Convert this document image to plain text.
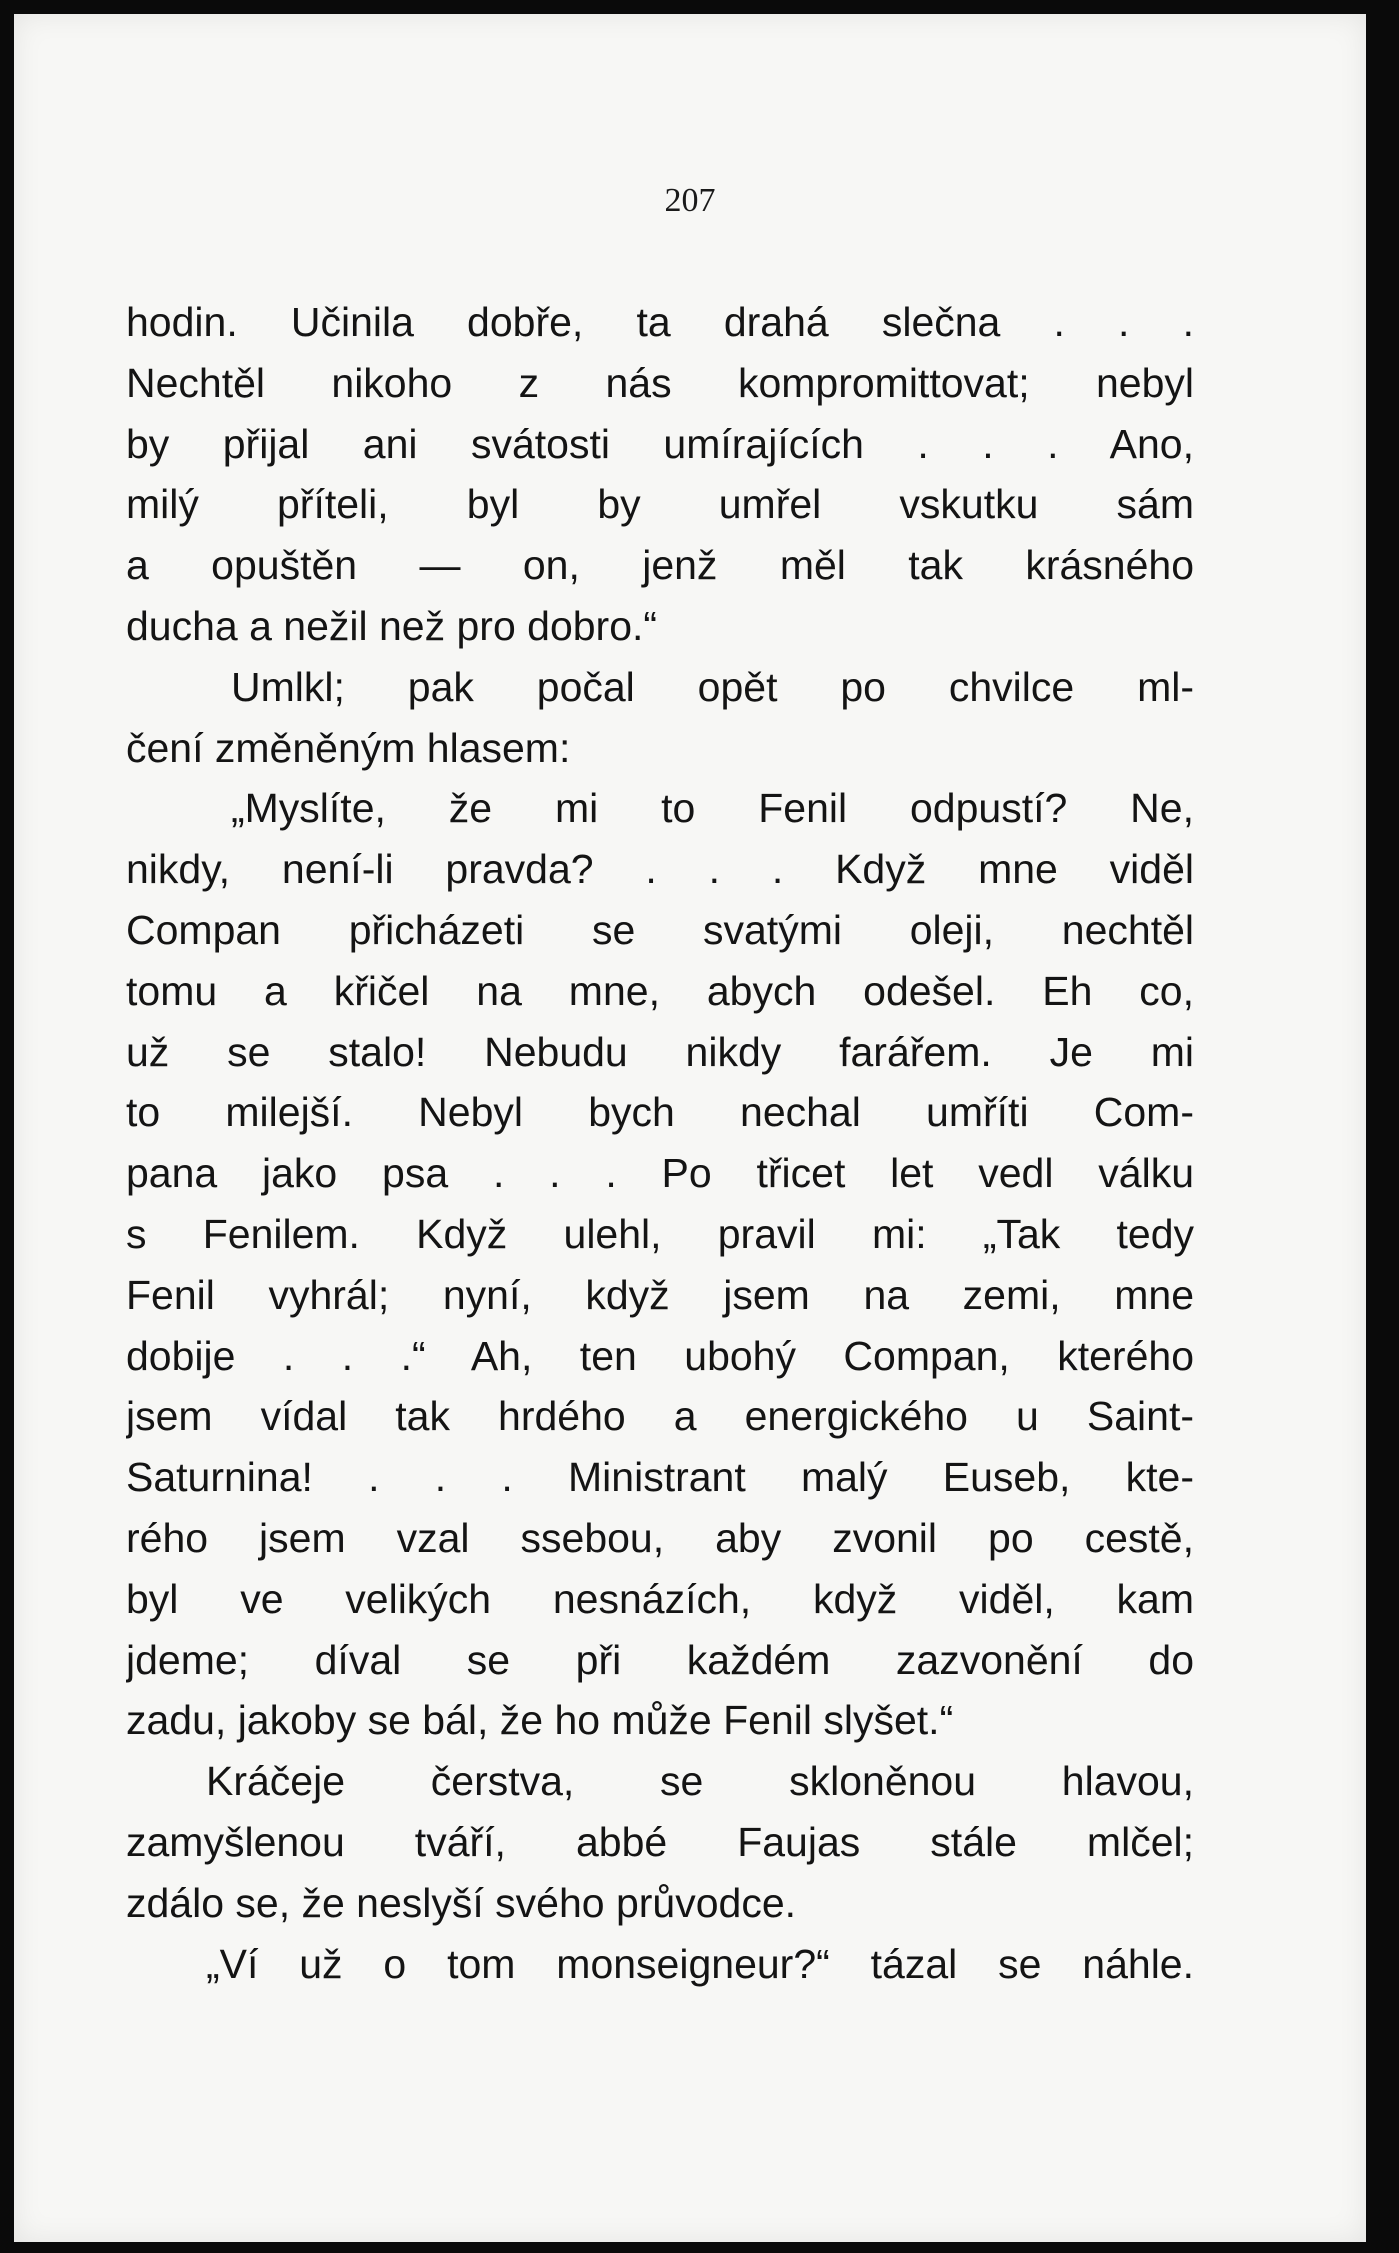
207
hodin. Učinila dobře, ta drahá slečna . . .
Nechtěl nikoho z nás kompromittovat; nebyl
by přijal ani svátosti umírajících . . . Ano,
milý příteli, byl by umřel vskutku sám
a opuštěn — on, jenž měl tak krásného
ducha a nežil než pro dobro.“
Umlkl; pak počal opět po chvilce ml-
čení změněným hlasem:
„Myslíte, že mi to Fenil odpustí? Ne,
nikdy, není-li pravda? . . . Když mne viděl
Compan přicházeti se svatými oleji, nechtěl
tomu a křičel na mne, abych odešel. Eh co,
už se stalo! Nebudu nikdy farářem. Je mi
to milejší. Nebyl bych nechal umříti Com-
pana jako psa . . . Po třicet let vedl válku
s Fenilem. Když ulehl, pravil mi: „Tak tedy
Fenil vyhrál; nyní, když jsem na zemi, mne
dobije . . .“ Ah, ten ubohý Compan, kterého
jsem vídal tak hrdého a energického u Saint-
Saturnina! . . . Ministrant malý Euseb, kte-
rého jsem vzal ssebou, aby zvonil po cestě,
byl ve velikých nesnázích, když viděl, kam
jdeme; díval se při každém zazvonění do
zadu, jakoby se bál, že ho může Fenil slyšet.“
Kráčeje čerstva, se skloněnou hlavou,
zamyšlenou tváří, abbé Faujas stále mlčel;
zdálo se, že neslyší svého průvodce.
„Ví už o tom monseigneur?“ tázal se náhle.
